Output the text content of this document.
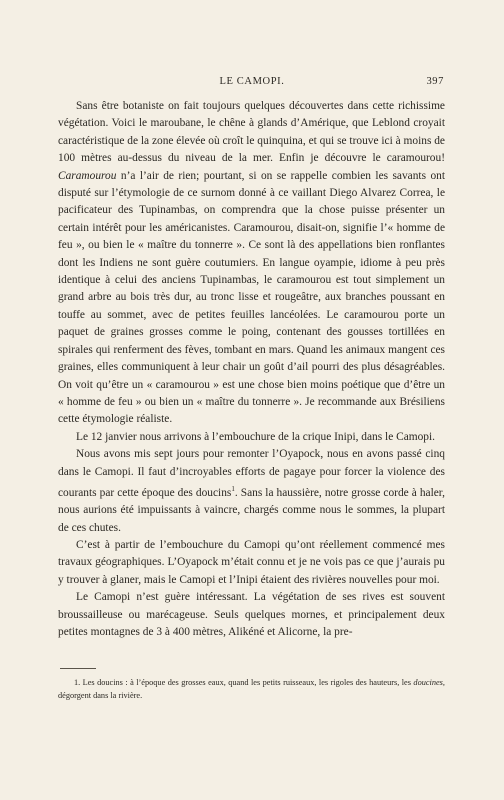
LE CAMOPI.	397

Sans être botaniste on fait toujours quelques découvertes dans cette richissime végétation. Voici le maroubane, le chêne à glands d’Amérique, que Leblond croyait caractéristique de la zone élevée où croît le quinquina, et qui se trouve ici à moins de 100 mètres au-dessus du niveau de la mer. Enfin je découvre le caramourou! Caramourou n’a l’air de rien; pourtant, si on se rappelle combien les savants ont disputé sur l’étymologie de ce surnom donné à ce vaillant Diego Alvarez Correa, le pacificateur des Tupinambas, on comprendra que la chose puisse présenter un certain intérêt pour les américanistes. Caramourou, disait-on, signifie l’« homme de feu », ou bien le « maître du tonnerre ». Ce sont là des appellations bien ronflantes dont les Indiens ne sont guère coutumiers. En langue oyampie, idiome à peu près identique à celui des anciens Tupinambas, le caramourou est tout simplement un grand arbre au bois très dur, au tronc lisse et rougeâtre, aux branches poussant en touffe au sommet, avec de petites feuilles lancéolées. Le caramourou porte un paquet de graines grosses comme le poing, contenant des gousses tortillées en spirales qui renferment des fèves, tombant en mars. Quand les animaux mangent ces graines, elles communiquent à leur chair un goût d’ail pourri des plus désagréables. On voit qu’être un « caramourou » est une chose bien moins poétique que d’être un « homme de feu » ou bien un « maître du tonnerre ». Je recommande aux Brésiliens cette étymologie réaliste.

Le 12 janvier nous arrivons à l’embouchure de la crique Inipi, dans le Camopi.

Nous avons mis sept jours pour remonter l’Oyapock, nous en avons passé cinq dans le Camopi. Il faut d’incroyables efforts de pagaye pour forcer la violence des courants par cette époque des doucins$^1$. Sans la haussière, notre grosse corde à haler, nous aurions été impuissants à vaincre, chargés comme nous le sommes, la plupart de ces chutes.

C’est à partir de l’embouchure du Camopi qu’ont réellement commencé mes travaux géographiques. L’Oyapock m’était connu et je ne vois pas ce que j’aurais pu y trouver à glaner, mais le Camopi et l’Inipi étaient des rivières nouvelles pour moi.

Le Camopi n’est guère intéressant. La végétation de ses rives est souvent broussailleuse ou marécageuse. Seuls quelques mornes, et principalement deux petites montagnes de 3 à 400 mètres, Alikéné et Alicorne, la pre-

1. Les doucins : à l’époque des grosses eaux, quand les petits ruisseaux, les rigoles des hauteurs, les doucines, dégorgent dans la rivière.
